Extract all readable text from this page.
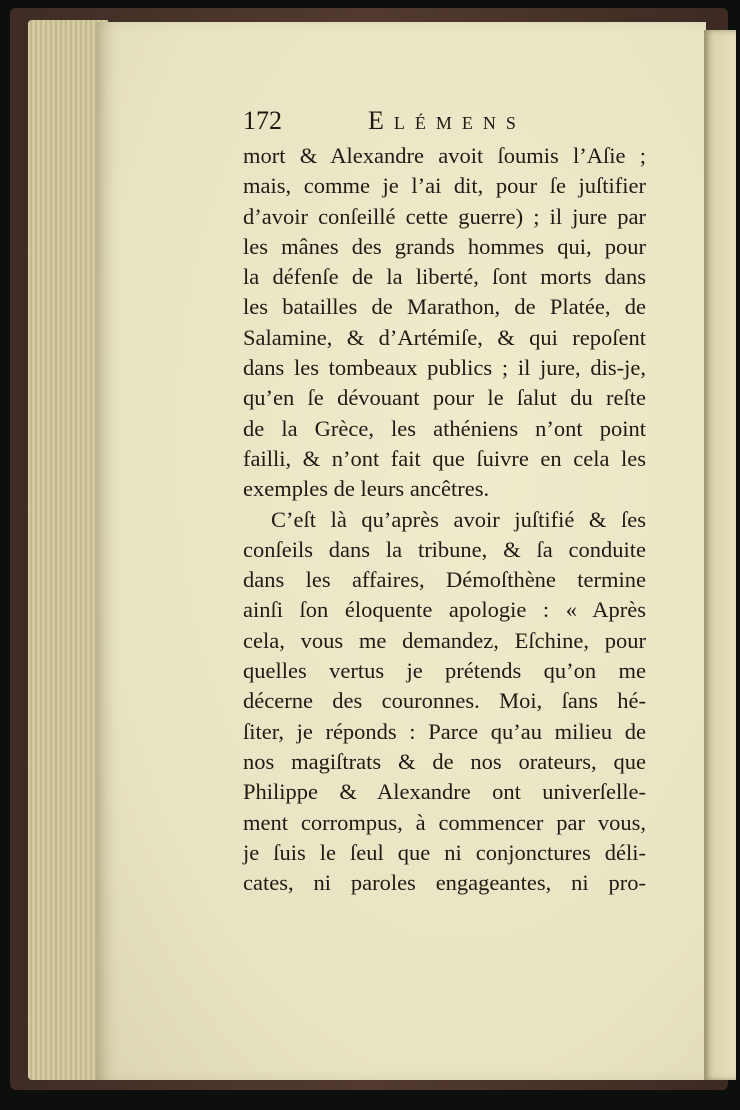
172	Elémens
mort & Alexandre avoit ſoumis l’Aſie ;
mais, comme je l’ai dit, pour ſe juſtifier
d’avoir conſeillé cette guerre) ; il jure par
les mânes des grands hommes qui, pour
la défenſe de la liberté, ſont morts dans
les batailles de Marathon, de Platée, de
Salamine, & d’Artémiſe, & qui repoſent
dans les tombeaux publics ; il jure, dis-je,
qu’en ſe dévouant pour le ſalut du reſte
de la Grèce, les athéniens n’ont point
failli, & n’ont fait que ſuivre en cela les
exemples de leurs ancêtres.
C’eſt là qu’après avoir juſtifié & ſes
conſeils dans la tribune, & ſa conduite
dans les affaires, Démoſthène termine
ainſi ſon éloquente apologie : « Après
cela, vous me demandez, Eſchine, pour
quelles vertus je prétends qu’on me
décerne des couronnes. Moi, ſans hé-
ſiter, je réponds : Parce qu’au milieu de
nos magiſtrats & de nos orateurs, que
Philippe & Alexandre ont univerſelle-
ment corrompus, à commencer par vous,
je ſuis le ſeul que ni conjonctures déli-
cates, ni paroles engageantes, ni pro-
